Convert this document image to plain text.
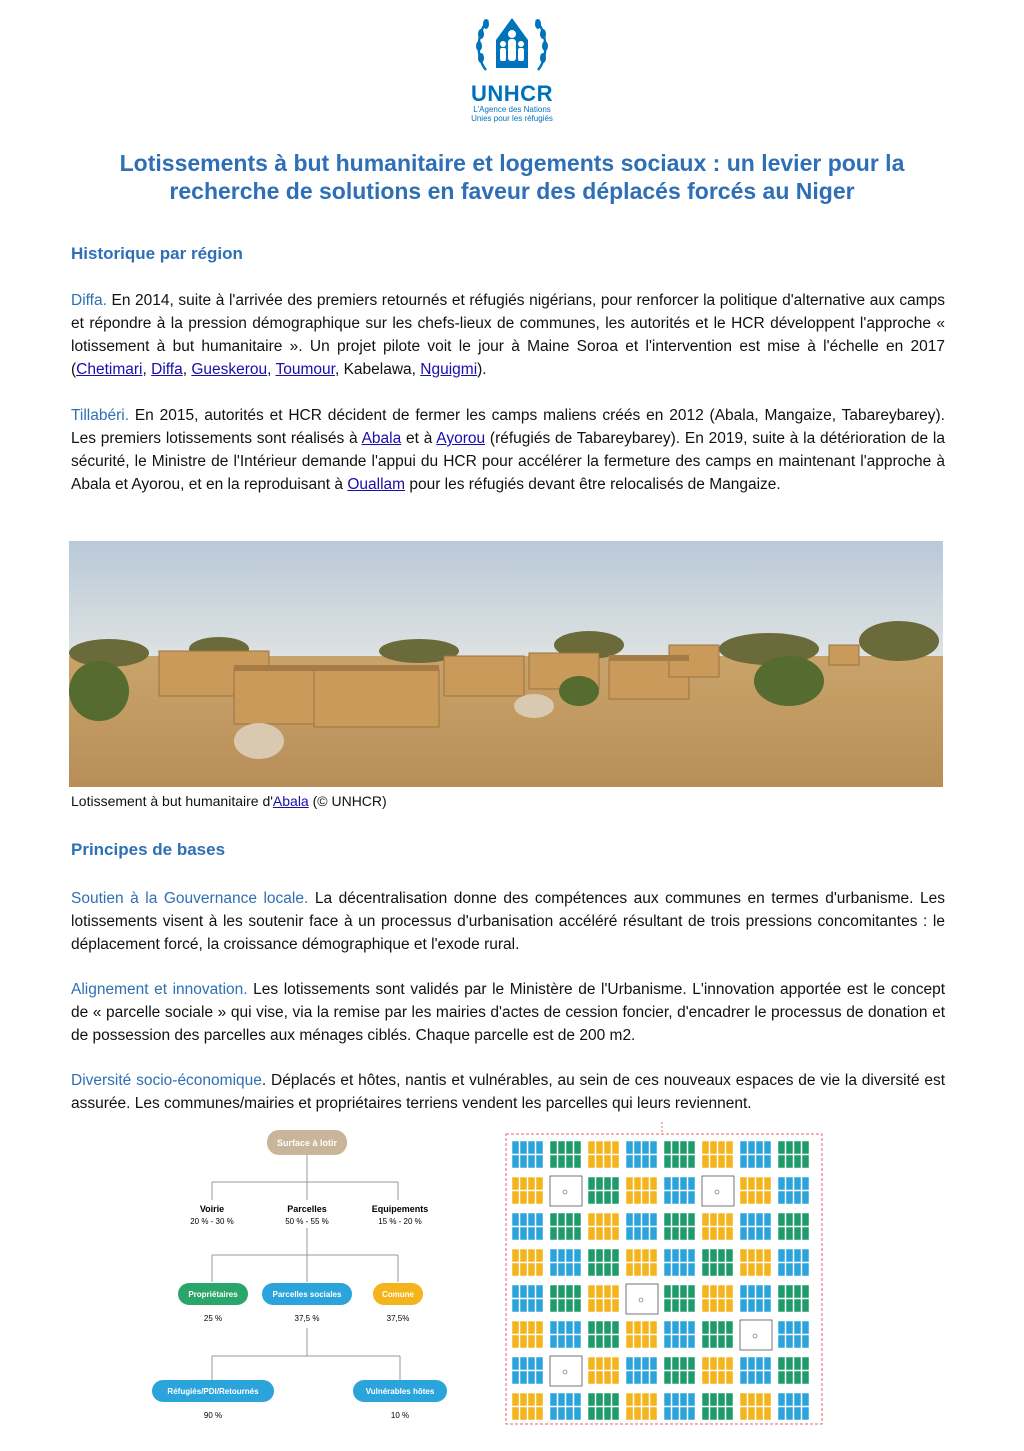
UNHCR
L'Agence des Nations
Unies pour les réfugiés
Lotissements à but humanitaire et logements sociaux : un levier pour la
recherche de solutions en faveur des déplacés forcés au Niger
Historique par région
Diffa. En 2014, suite à l'arrivée des premiers retournés et réfugiés nigérians, pour renforcer la politique d'alternative aux camps et répondre à la pression démographique sur les chefs-lieux de communes, les autorités et le HCR développent l'approche « lotissement à but humanitaire ». Un projet pilote voit le jour à Maine Soroa et l'intervention est mise à l'échelle en 2017 (Chetimari, Diffa, Gueskerou, Toumour, Kabelawa, Nguigmi).
Tillabéri. En 2015, autorités et HCR décident de fermer les camps maliens créés en 2012 (Abala, Mangaize, Tabareybarey). Les premiers lotissements sont réalisés à Abala et à Ayorou (réfugiés de Tabareybarey). En 2019, suite à la détérioration de la sécurité, le Ministre de l'Intérieur demande l'appui du HCR pour accélérer la fermeture des camps en maintenant l'approche à Abala et Ayorou, et en la reproduisant à Ouallam pour les réfugiés devant être relocalisés de Mangaize.
Lotissement à but humanitaire d'Abala (© UNHCR)
Principes de bases
Soutien à la Gouvernance locale. La décentralisation donne des compétences aux communes en termes d'urbanisme. Les lotissements visent à les soutenir face à un processus d'urbanisation accéléré résultant de trois pressions concomitantes : le déplacement forcé, la croissance démographique et l'exode rural.
Alignement et innovation. Les lotissements sont validés par le Ministère de l'Urbanisme. L'innovation apportée est le concept de « parcelle sociale » qui vise, via la remise par les mairies d'actes de cession foncier, d'encadrer le processus de donation et de possession des parcelles aux ménages ciblés. Chaque parcelle est de 200 m2.
Diversité socio-économique. Déplacés et hôtes, nantis et vulnérables, au sein de ces nouveaux espaces de vie la diversité est assurée. Les communes/mairies et propriétaires terriens vendent les parcelles qui leurs reviennent.
Surface à lotir
Voirie
20 % - 30 %
Parcelles
50 % - 55 %
Equipements
15 % - 20 %
Propriétaires
25 %
Parcelles sociales
37,5 %
Comune
37,5%
Réfugiés/PDI/Retournés
90 %
Vulnérables hôtes
10 %
